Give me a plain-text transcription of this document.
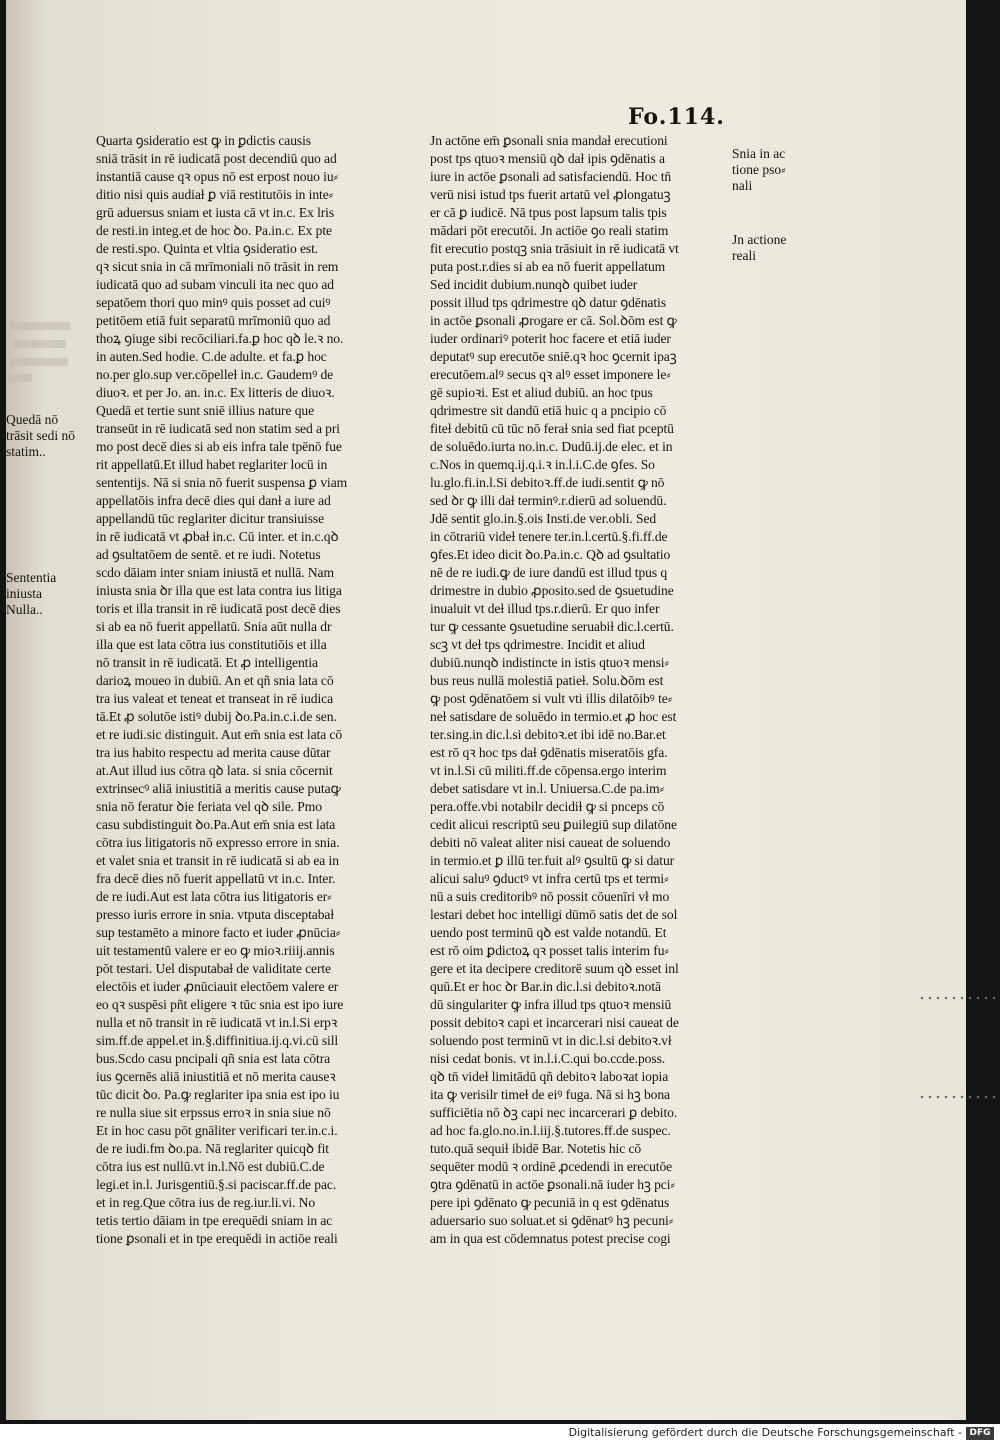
Fo.114.
Quarta ꝯsideratio est ꝙ in ꝑdictis causis
sniā trāsit in rē iudicatā post decendiū quo ad
instantiā cause qꝛ opus nō est erpost nouo iu⸗
ditio nisi quis audiaƚ ꝑ viā restitutōis in inte⸗
grū aduersus sniam et iusta cā vt in.c. Ex lris
de resti.in integ.et de hoc ꝺo. Pa.in.c. Ex pte
de resti.spo. Quinta et vltia ꝯsideratio est.
qꝛ sicut snia in cā mrīmoniali nō trāsit in rem
iudicatā quo ad subam vinculi ita nec quo ad
sepatōem thori quo minꝰ quis posset ad cuiꝰ
petitōem etiā fuit separatū mrīmoniū quo ad
thoꝝ ꝯiuge sibi recōciliari.fa.ꝑ hoc qꝺ le.ꝛ no.
in auten.Sed hodie. C.de adulte. et fa.ꝑ hoc
no.per glo.sup ver.cōpelleƚ in.c. Gaudemꝰ de
diuoꝛ. et per Jo. an. in.c. Ex litteris de diuoꝛ.
Quedā et tertie sunt sniē illius nature que
transeūt in rē iudicatā sed non statim sed a pri
mo post decē dies si ab eis infra tale tpēnō fue
rit appellatū.Et illud habet reglariter locū in
sententijs. Nā si snia nō fuerit suspensa ꝑ viam
appellatōis infra decē dies qui danƚ a iure ad
appellandū tūc reglariter dicitur transiuisse
in rē iudicatā vt ꝓbaƚ in.c. Cū inter. et in.c.qꝺ
ad ꝯsultatōem de sentē. et re iudi. Notetus
scdo dāiam inter sniam iniustā et nullā. Nam
iniusta snia ꝺr illa que est lata contra ius litiga
toris et illa transit in rē iudicatā post decē dies
si ab ea nō fuerit appellatū. Snia aūt nulla dr
illa que est lata cōtra ius constitutiōis et illa
nō transit in rē iudicatā. Et ꝓ intelligentia
darioꝝ moueo in dubiū. An et qñ snia lata cō
tra ius valeat et teneat et transeat in rē iudica
tā.Et ꝓ solutōe istiꝰ dubij ꝺo.Pa.in.c.i.de sen.
et re iudi.sic distinguit. Aut em̄ snia est lata cō
tra ius habito respectu ad merita cause dūtar
at.Aut illud ius cōtra qꝺ lata. si snia cōcernit
extrinsecꝰ aliā iniustitiā a meritis cause putaꝙ
snia nō feratur ꝺie feriata vel qꝺ sile. Pmo
casu subdistinguit ꝺo.Pa.Aut em̄ snia est lata
cōtra ius litigatoris nō expresso errore in snia.
et valet snia et transit in rē iudicatā si ab ea in
fra decē dies nō fuerit appellatū vt in.c. Inter.
de re iudi.Aut est lata cōtra ius litigatoris er⸗
presso iuris errore in snia. vtputa disceptabaƚ
sup testamēto a minore facto et iuder ꝓnūcia⸗
uit testamentū valere er eo ꝙ mioꝛ.riiij.annis
pōt testari. Uel disputabaƚ de validitate certe
electōis et iuder ꝓnūciauit electōem valere er
eo qꝛ suspēsi pñt eligere ꝛ tūc snia est ipo iure
nulla et nō transit in rē iudicatā vt in.l.Si erpꝛ
sim.ff.de appel.et in.§.diffinitiua.ij.q.vi.cū sill
bus.Scdo casu pncipali qñ snia est lata cōtra
ius ꝯcernēs aliā iniustitiā et nō merita causeꝛ
tūc dicit ꝺo. Pa.ꝙ reglariter ipa snia est ipo iu
re nulla siue sit erpssus erroꝛ in snia siue nō
Et in hoc casu pōt gnāliter verificari ter.in.c.i.
de re iudi.fm ꝺo.pa. Nā reglariter quicqꝺ fit
cōtra ius est nullū.vt in.l.Nō est dubiū.C.de
legi.et in.l. Jurisgentiū.§.si paciscar.ff.de pac.
et in reg.Que cōtra ius de reg.iur.li.vi. No
tetis tertio dāiam in tpe erequēdi sniam in ac
tione ꝑsonali et in tpe erequēdi in actiōe reali
Jn actōne em̄ ꝑsonali snia mandaƚ erecutioni
post tps qtuoꝛ mensiū qꝺ daƚ ipis ꝯdēnatis a
iure in actōe ꝑsonali ad satisfaciendū. Hoc tn̄
verū nisi istud tps fuerit artatū vel ꝓlongatuꝫ
er cā ꝑ iudicē. Nā tpus post lapsum talis tpis
mādari pōt erecutōi. Jn actiōe ꝯo reali statim
fit erecutio postqꝫ snia trāsiuit in rē iudicatā vt
puta post.r.dies si ab ea nō fuerit appellatum
Sed incidit dubium.nunqꝺ quibet iuder
possit illud tps qdrimestre qꝺ datur ꝯdēnatis
in actōe ꝑsonali ꝓrogare er cā. Sol.ꝺōm est ꝙ
iuder ordinariꝰ poterit hoc facere et etiā iuder
deputatꝰ sup erecutōe sniē.qꝛ hoc ꝯcernit ipaꝫ
erecutōem.alꝰ secus qꝛ alꝰ esset imponere le⸗
gē supioꝛi. Est et aliud dubiū. an hoc tpus
qdrimestre sit dandū etiā huic q a pncipio cō
fiteƚ debitū cū tūc nō feraƚ snia sed fiat pceptū
de soluēdo.iurta no.in.c. Dudū.ij.de elec. et in
c.Nos in quemq.ij.q.i.ꝛ in.l.i.C.de ꝯfes. So
lu.glo.fi.in.l.Si debitoꝛ.ff.de iudi.sentit ꝙ nō
sed ꝺr ꝙ illi daƚ terminꝰ.r.dierū ad soluendū.
Jdē sentit glo.in.§.ois Insti.de ver.obli. Sed
in cōtrariū videƚ tenere ter.in.l.certū.§.fi.ff.de
ꝯfes.Et ideo dicit ꝺo.Pa.in.c. Qꝺ ad ꝯsultatio
nē de re iudi.ꝙ de iure dandū est illud tpus q
drimestre in dubio ꝓposito.sed de ꝯsuetudine
inualuit vt deƚ illud tps.r.dierū. Er quo infer
tur ꝙ cessante ꝯsuetudine seruabiƚ dic.l.certū.
scꝫ vt deƚ tps qdrimestre. Incidit et aliud
dubiū.nunqꝺ indistincte in istis qtuoꝛ mensi⸗
bus reus nullā molestiā patieƚ. Solu.ꝺōm est
ꝙ post ꝯdēnatōem si vult vti illis dilatōibꝰ te⸗
neƚ satisdare de soluēdo in termio.et ꝓ hoc est
ter.sing.in dic.l.si debitoꝛ.et ibi idē no.Bar.et
est rō qꝛ hoc tps daƚ ꝯdēnatis miseratōis gfa.
vt in.l.Si cū militi.ff.de cōpensa.ergo interim
debet satisdare vt in.l. Uniuersa.C.de pa.im⸗
pera.offe.vbi notabilr decidiƚ ꝙ si pnceps cō
cedit alicui rescriptū seu ꝑuilegiū sup dilatōne
debiti nō valeat aliter nisi caueat de soluendo
in termio.et ꝑ illū ter.fuit alꝰ ꝯsultū ꝙ si datur
alicui saluꝰ ꝯductꝰ vt infra certū tps et termi⸗
nū a suis creditoribꝰ nō possit cōuenīri vł mo
lestari debet hoc intelligi dūmō satis det de sol
uendo post terminū qꝺ est valde notandū. Et
est rō oim ꝑdictoꝝ qꝛ posset talis interim fu⸗
gere et ita decipere creditorē suum qꝺ esset inl
quū.Et er hoc ꝺr Bar.in dic.l.si debitoꝛ.notā
dū singulariter ꝙ infra illud tps qtuoꝛ mensiū
possit debitoꝛ capi et incarcerari nisi caueat de
soluendo post terminū vt in dic.l.si debitoꝛ.vł
nisi cedat bonis. vt in.l.i.C.qui bo.ccde.poss.
qꝺ tn̄ videƚ limitādū qñ debitoꝛ laboꝛat iopia
ita ꝙ verisilr timeƚ de eiꝰ fuga. Nā si hꝫ bona
sufficiētia nō ꝺꝫ capi nec incarcerari ꝑ debito.
ad hoc fa.glo.no.in.l.iij.§.tutores.ff.de suspec.
tuto.quā sequiƚ ibidē Bar. Notetis hic cō
sequēter modū ꝛ ordinē ꝓcedendi in erecutōe
ꝯtra ꝯdēnatū in actōe ꝑsonali.nā iuder hꝫ pci⸗
pere ipi ꝯdēnato ꝙ pecuniā in q est ꝯdēnatus
aduersario suo soluat.et si ꝯdēnatꝰ hꝫ pecuni⸗
am in qua est cōdemnatus potest precise cogi
Snia in ac
tione pso⸗
nali
Jn actione
reali
Quedā nō
trāsit sedi nō
statim..
Sententia
iniusta
Nulla..
Digitalisierung gefördert durch die Deutsche Forschungsgemeinschaft - DFG
